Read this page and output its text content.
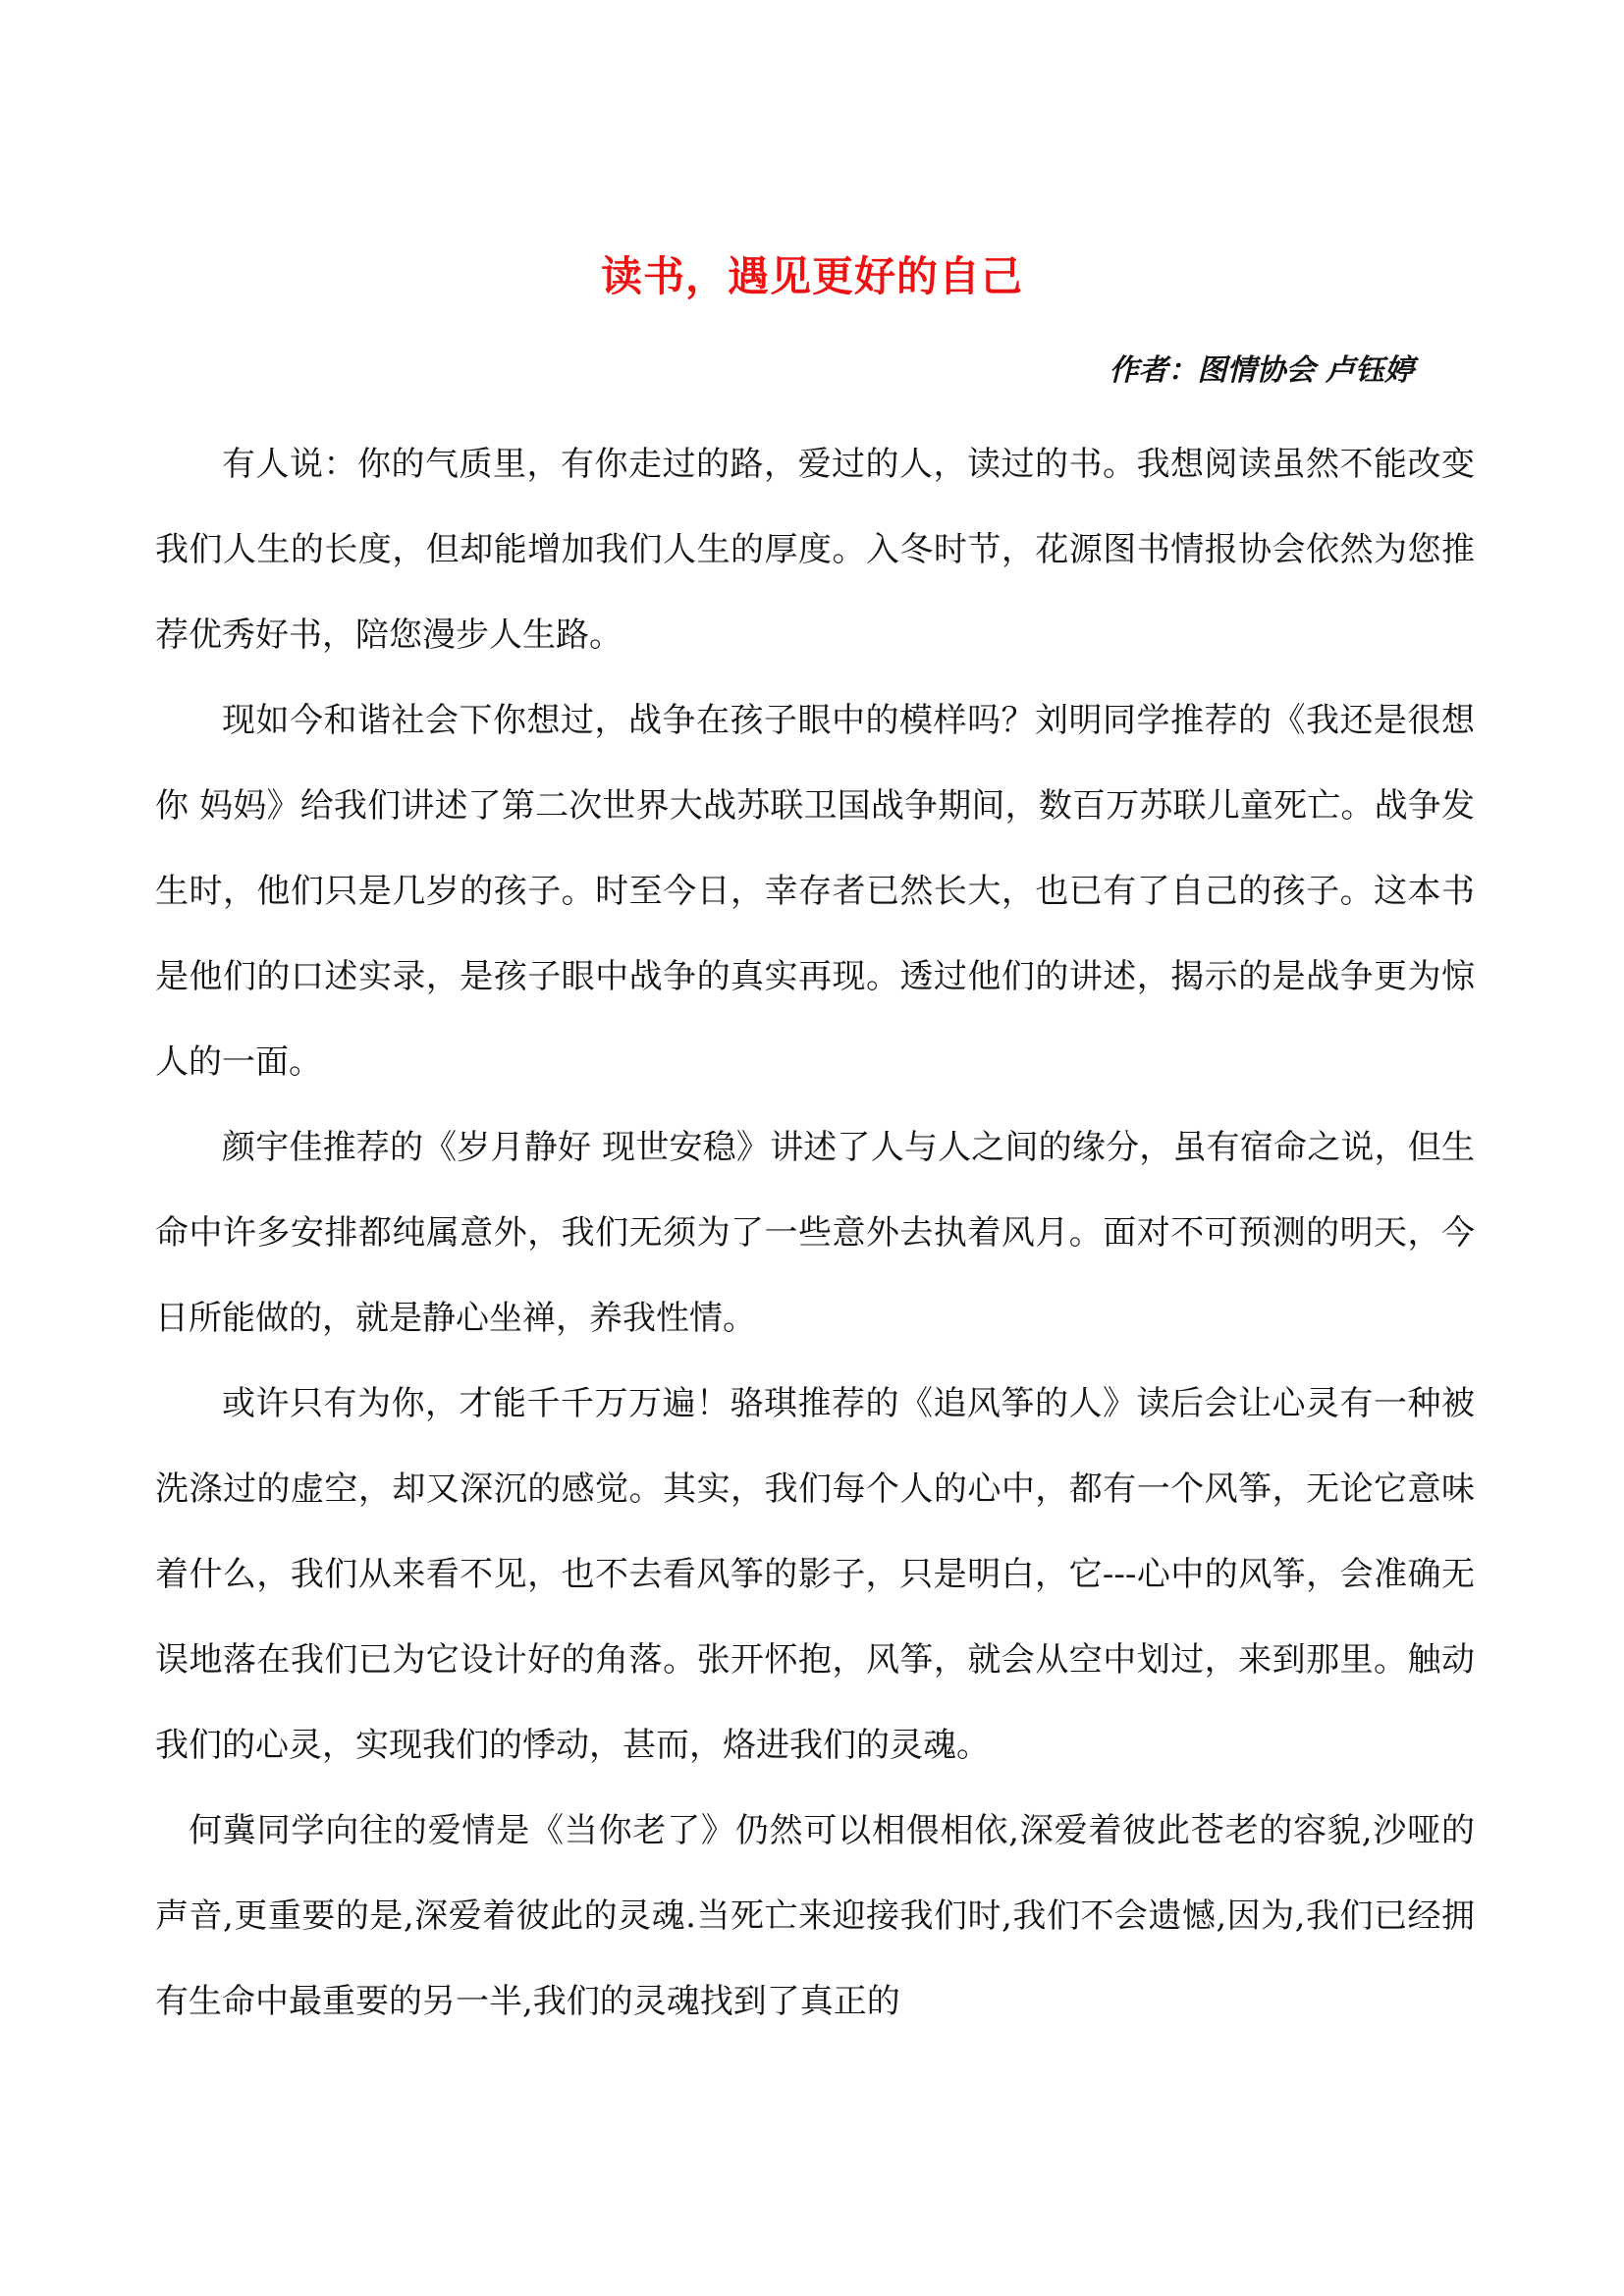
读书，遇见更好的自己
作者：图情协会 卢钰婷

有人说：你的气质里，有你走过的路，爱过的人，读过的书。我想阅读虽然不能改变我们人生的长度，但却能增加我们人生的厚度。入冬时节，花源图书情报协会依然为您推荐优秀好书，陪您漫步人生路。

现如今和谐社会下你想过，战争在孩子眼中的模样吗？刘明同学推荐的《我还是很想你 妈妈》给我们讲述了第二次世界大战苏联卫国战争期间，数百万苏联儿童死亡。战争发生时，他们只是几岁的孩子。时至今日，幸存者已然长大，也已有了自己的孩子。这本书是他们的口述实录，是孩子眼中战争的真实再现。透过他们的讲述，揭示的是战争更为惊人的一面。

颜宇佳推荐的《岁月静好 现世安稳》讲述了人与人之间的缘分，虽有宿命之说，但生命中许多安排都纯属意外，我们无须为了一些意外去执着风月。面对不可预测的明天，今日所能做的，就是静心坐禅，养我性情。

或许只有为你，才能千千万万遍！骆琪推荐的《追风筝的人》读后会让心灵有一种被洗涤过的虚空，却又深沉的感觉。其实，我们每个人的心中，都有一个风筝，无论它意味着什么，我们从来看不见，也不去看风筝的影子，只是明白，它---心中的风筝，会准确无误地落在我们已为它设计好的角落。张开怀抱，风筝，就会从空中划过，来到那里。触动我们的心灵，实现我们的悸动，甚而，烙进我们的灵魂。

何冀同学向往的爱情是《当你老了》仍然可以相偎相依,深爱着彼此苍老的容貌,沙哑的声音,更重要的是,深爱着彼此的灵魂.当死亡来迎接我们时,我们不会遗憾,因为,我们已经拥有生命中最重要的另一半,我们的灵魂找到了真正的
